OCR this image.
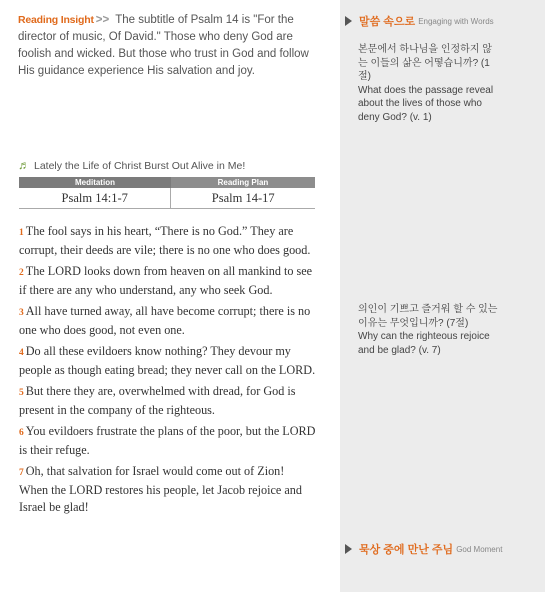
Reading Insight >> The subtitle of Psalm 14 is "For the director of music, Of David." Those who deny God are foolish and wicked. But those who trust in God and follow His guidance experience His salvation and joy.

♬ Lately the Life of Christ Burst Out Alive in Me!
Meditation	Reading Plan
Psalm 14:1-7	Psalm 14-17

1 The fool says in his heart, “There is no God.” They are corrupt, their deeds are vile; there is no one who does good.

2 The LORD looks down from heaven on all mankind to see if there are any who understand, any who seek God.

3 All have turned away, all have become corrupt; there is no one who does good, not even one.

4 Do all these evildoers know nothing? They devour my people as though eating bread; they never call on the LORD.

5 But there they are, overwhelmed with dread, for God is present in the company of the righteous.

6 You evildoers frustrate the plans of the poor, but the LORD is their refuge.

7 Oh, that salvation for Israel would come out of Zion! When the LORD restores his people, let Jacob rejoice and Israel be glad!

말씀 속으로 Engaging with Words
본문에서 하나님을 인정하지 않는 이들의 삶은 어떻습니까? (1절)
What does the passage reveal about the lives of those who deny God? (v. 1)
의인이 기쁘고 즐거워 할 수 있는 이유는 무엇입니까? (7절)
Why can the righteous rejoice and be glad? (v. 7)
묵상 중에 만난 주님 God Moment
